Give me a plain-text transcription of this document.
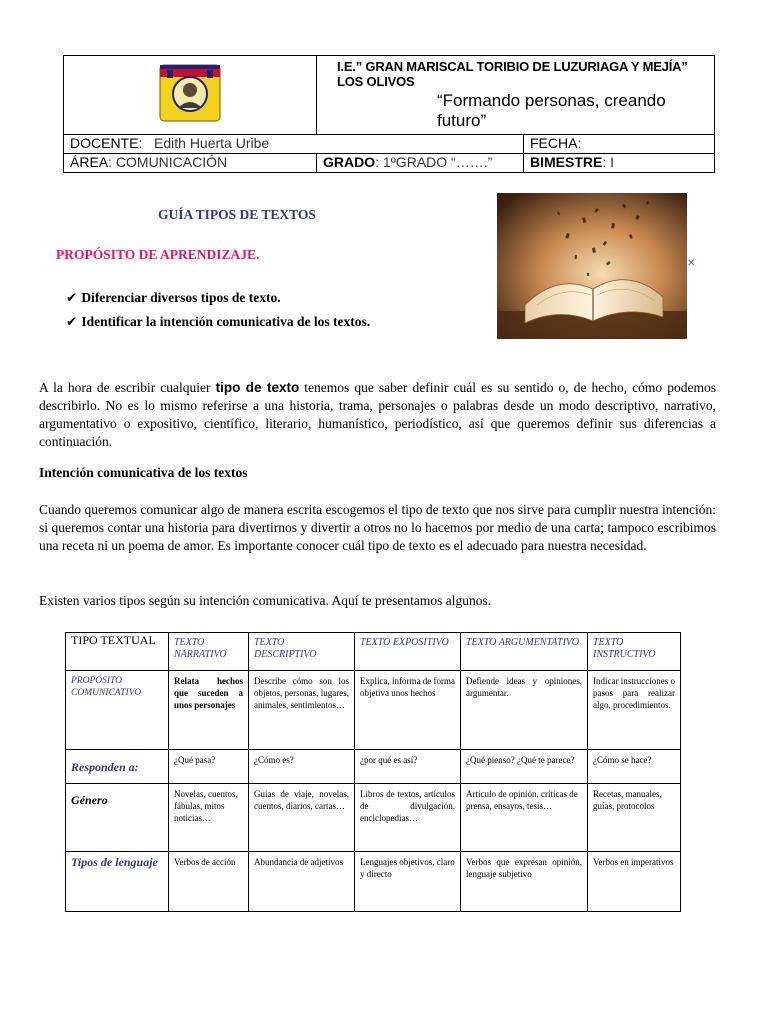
I.E.” GRAN MARISCAL TORIBIO DE LUZURIAGA Y MEJÍA” LOS OLIVOS
“Formando personas, creando futuro”	

DOCENTE:   Edith Huerta Uribe		FECHA:
ÁREA: COMUNICACIÓN	GRADO: 1ºGRADO “…….”	BIMESTRE: I
GUÍA TIPOS DE TEXTOS
PROPÓSITO DE APRENDIZAJE.
✔ Diferenciar diversos tipos de texto.
✔ Identificar la intención comunicativa de los textos.
✕
A la hora de escribir cualquier tipo de texto tenemos que saber definir cuál es su sentido o, de hecho, cómo podemos describirlo. No es lo mismo referirse a una historia, trama, personajes o palabras desde un modo descriptivo, narrativo, argumentativo o expositivo, científico, literario, humanístico, periodístico, así que queremos definir sus diferencias a continuación.
Intención comunicativa de los textos
Cuando queremos comunicar algo de manera escrita escogemos el tipo de texto que nos sirve para cumplir nuestra intención: si queremos contar una historia para divertirnos y divertir a otros no lo hacemos por medio de una carta; tampoco escribimos una receta ni un poema de amor. Es importante conocer cuál tipo de texto es el adecuado para nuestra necesidad.
Existen varios tipos según su intención comunicativa. Aquí te presentamos algunos.
TIPO TEXTUAL	TEXTO NARRATIVO	TEXTO DESCRIPTIVO	TEXTO EXPOSITIVO	TEXTO ARGUMENTATIVO	TEXTO INSTRUCTIVO
PROPÓSITO COMUNICATIVO	Relata hechos que suceden a unos personajes	Describe cómo son los objetos, personas, lugares, animales, sentimientos…	Explica, informa de forma objetiva unos hechos	Defiende ideas y opiniones, argumentar.	Indicar instrucciones o pasos para realizar algo, procedimientos.
Responden a:	¿Qué pasa?	¿Cómo es?	¿por qué es así?	¿Qué pienso? ¿Qué te parece?	¿Cómo se hace?
Género	Novelas, cuentos, fábulas, mitos noticias…	Guías de viaje, novelas, cuentos, diarios, cartas…	Libros de textos, artículos de divulgación, enciclopedias…	Artículo de opinión, críticas de prensa, ensayos, tesis…	Recetas, manuales, guías, protocolos
Tipos de lenguaje	Verbos de acción	Abundancia de adjetivos	Lenguajes objetivos, claro y directo	Verbos que expresan opinión, lenguaje subjetivo	Verbos en imperativos
